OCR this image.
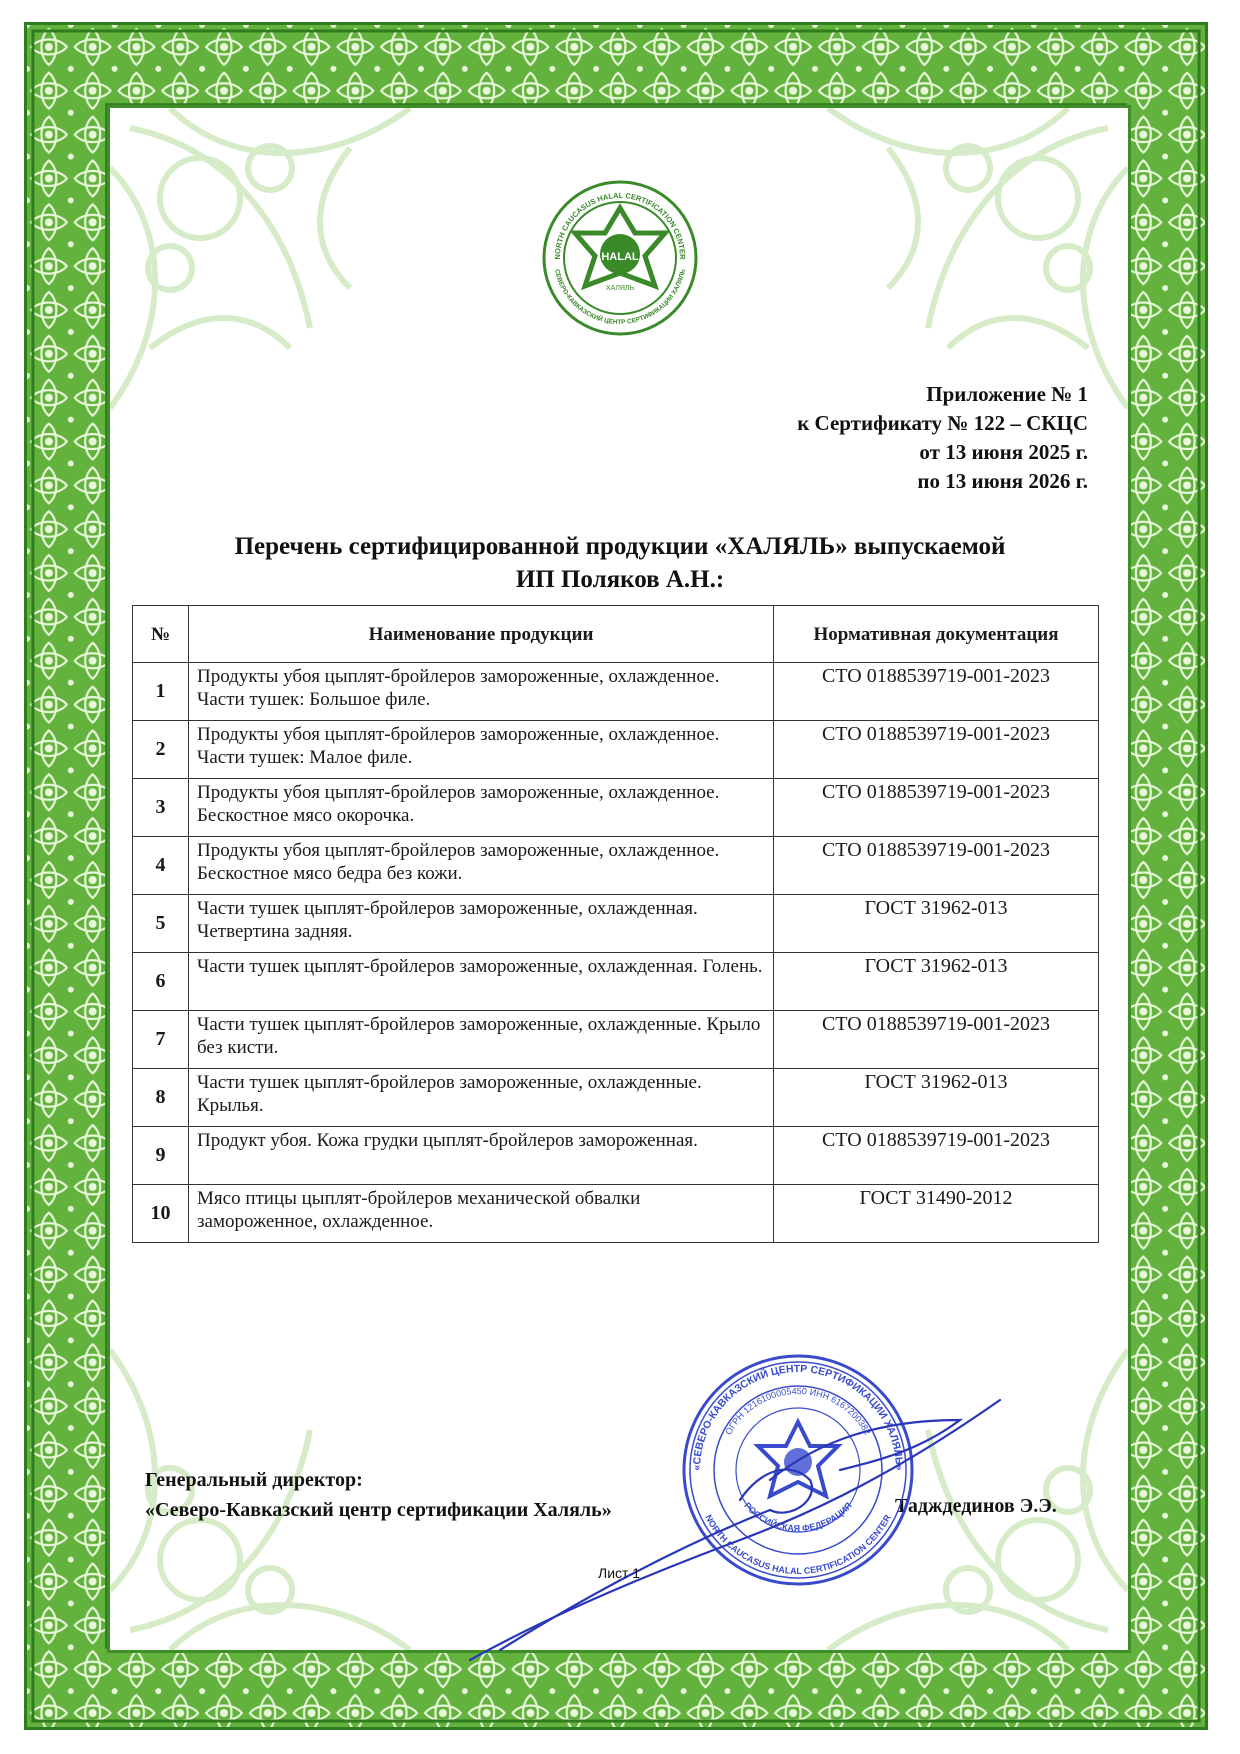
HALAL
ХАЛЯЛЬ
NORTH CAUCASUS HALAL CERTIFICATION CENTER
СЕВЕРО-КАВКАЗСКИЙ ЦЕНТР СЕРТИФИКАЦИИ ХАЛЯЛЬ
Приложение № 1
к Сертификату № 122 – СКЦС
от 13 июня 2025 г.
по 13 июня 2026 г.
Перечень сертифицированной продукции «ХАЛЯЛЬ» выпускаемой
ИП Поляков А.Н.:
№	Наименование продукции	Нормативная документация
1	Продукты убоя цыплят-бройлеров замороженные, охлажденное. Части тушек: Большое филе.	СТО 0188539719-001-2023
2	Продукты убоя цыплят-бройлеров замороженные, охлажденное. Части тушек: Малое филе.	СТО 0188539719-001-2023
3	Продукты убоя цыплят-бройлеров замороженные, охлажденное. Бескостное мясо окорочка.	СТО 0188539719-001-2023
4	Продукты убоя цыплят-бройлеров замороженные, охлажденное. Бескостное мясо бедра без кожи.	СТО 0188539719-001-2023
5	Части тушек цыплят-бройлеров замороженные, охлажденная. Четвертина задняя.	ГОСТ 31962-013
6	Части тушек цыплят-бройлеров замороженные, охлажденная. Голень.	ГОСТ 31962-013
7	Части тушек цыплят-бройлеров замороженные, охлажденные. Крыло без кисти.	СТО 0188539719-001-2023
8	Части тушек цыплят-бройлеров замороженные, охлажденные. Крылья.	ГОСТ 31962-013
9	Продукт убоя. Кожа грудки цыплят-бройлеров замороженная.	СТО 0188539719-001-2023
10	Мясо птицы цыплят-бройлеров механической обвалки замороженное, охлажденное.	ГОСТ 31490-2012
Генеральный директор:
«Северо-Кавказский центр сертификации Халяль»	Тадждединов Э.Э.
«СЕВЕРО-КАВКАЗСКИЙ ЦЕНТР СЕРТИФИКАЦИИ ХАЛЯЛЬ»
ОГРН 1216100005450 ИНН 6167200382
NORTH CAUCASUS HALAL CERTIFICATION CENTER
РОССИЙСКАЯ ФЕДЕРАЦИЯ
Лист 1
